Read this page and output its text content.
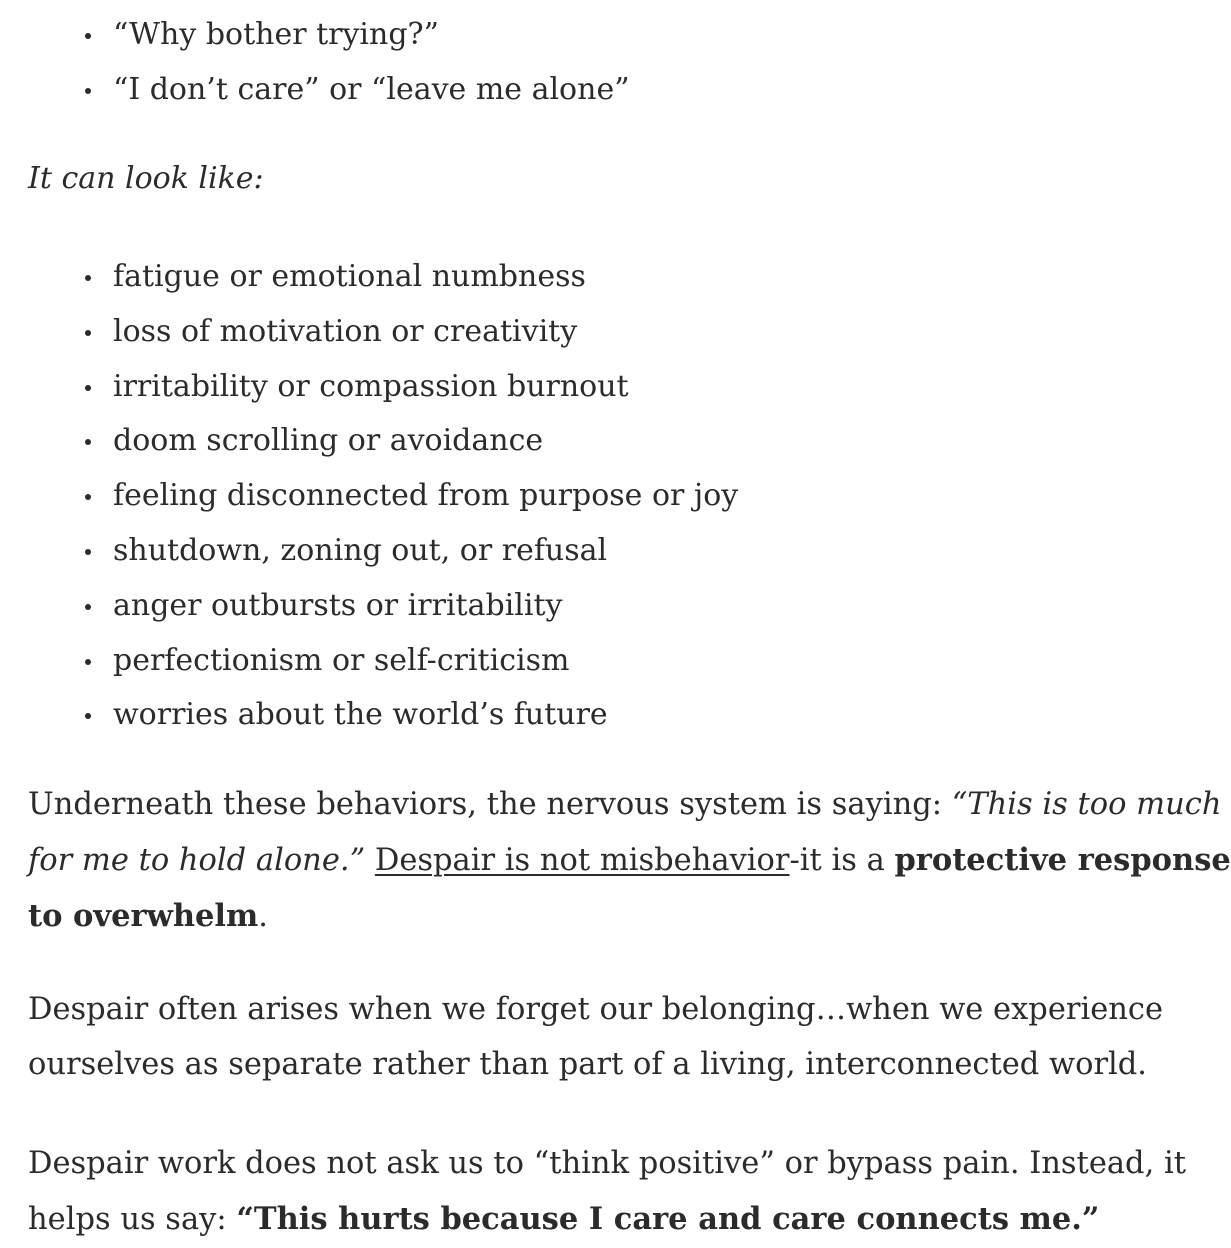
“Why bother trying?”
“I don’t care” or “leave me alone”

It can look like:

fatigue or emotional numbness
loss of motivation or creativity
irritability or compassion burnout
doom scrolling or avoidance
feeling disconnected from purpose or joy
shutdown, zoning out, or refusal
anger outbursts or irritability
perfectionism or self-criticism
worries about the world’s future

Underneath these behaviors, the nervous system is saying: “This is too much
for me to hold alone.” Despair is not misbehavior-it is a protective response
to overwhelm.

Despair often arises when we forget our belonging…when we experience
ourselves as separate rather than part of a living, interconnected world.

Despair work does not ask us to “think positive” or bypass pain. Instead, it
helps us say: “This hurts because I care and care connects me.”
